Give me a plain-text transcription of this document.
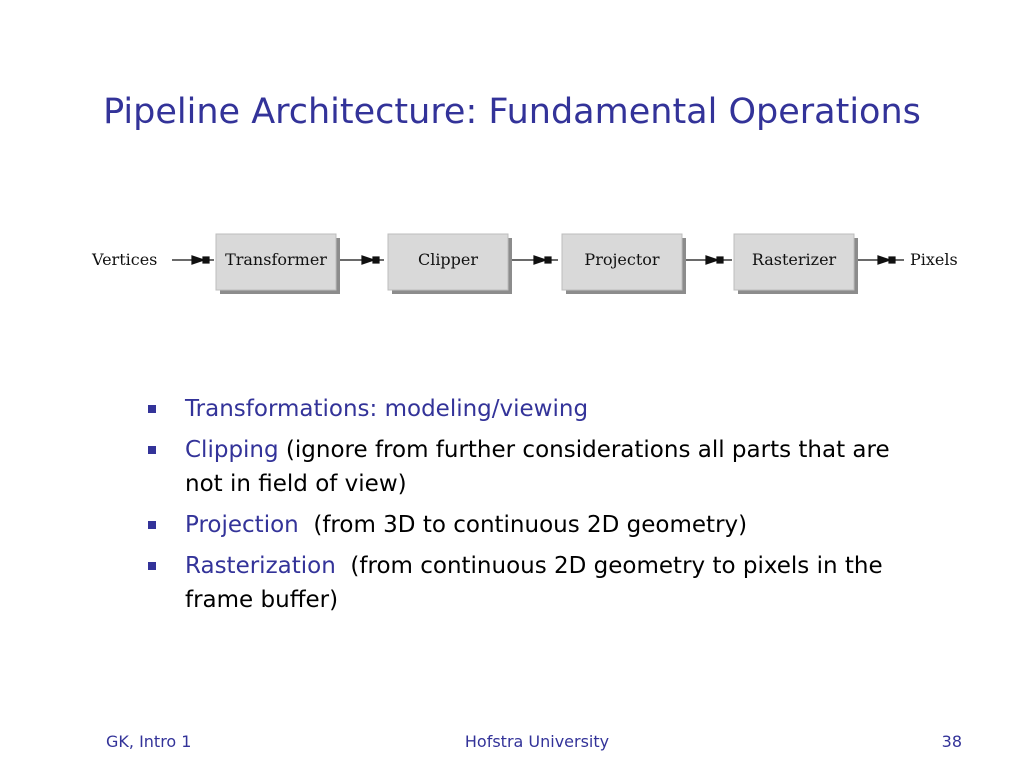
Pipeline Architecture: Fundamental Operations
Vertices	Transformer	Clipper	Projector	Rasterizer	Pixels
Transformations: modeling/viewing
Clipping (ignore from further considerations all parts that are not in field of view)
Projection  (from 3D to continuous 2D geometry)
Rasterization  (from continuous 2D geometry to pixels in the frame buffer)
GK, Intro 1	Hofstra University	38
